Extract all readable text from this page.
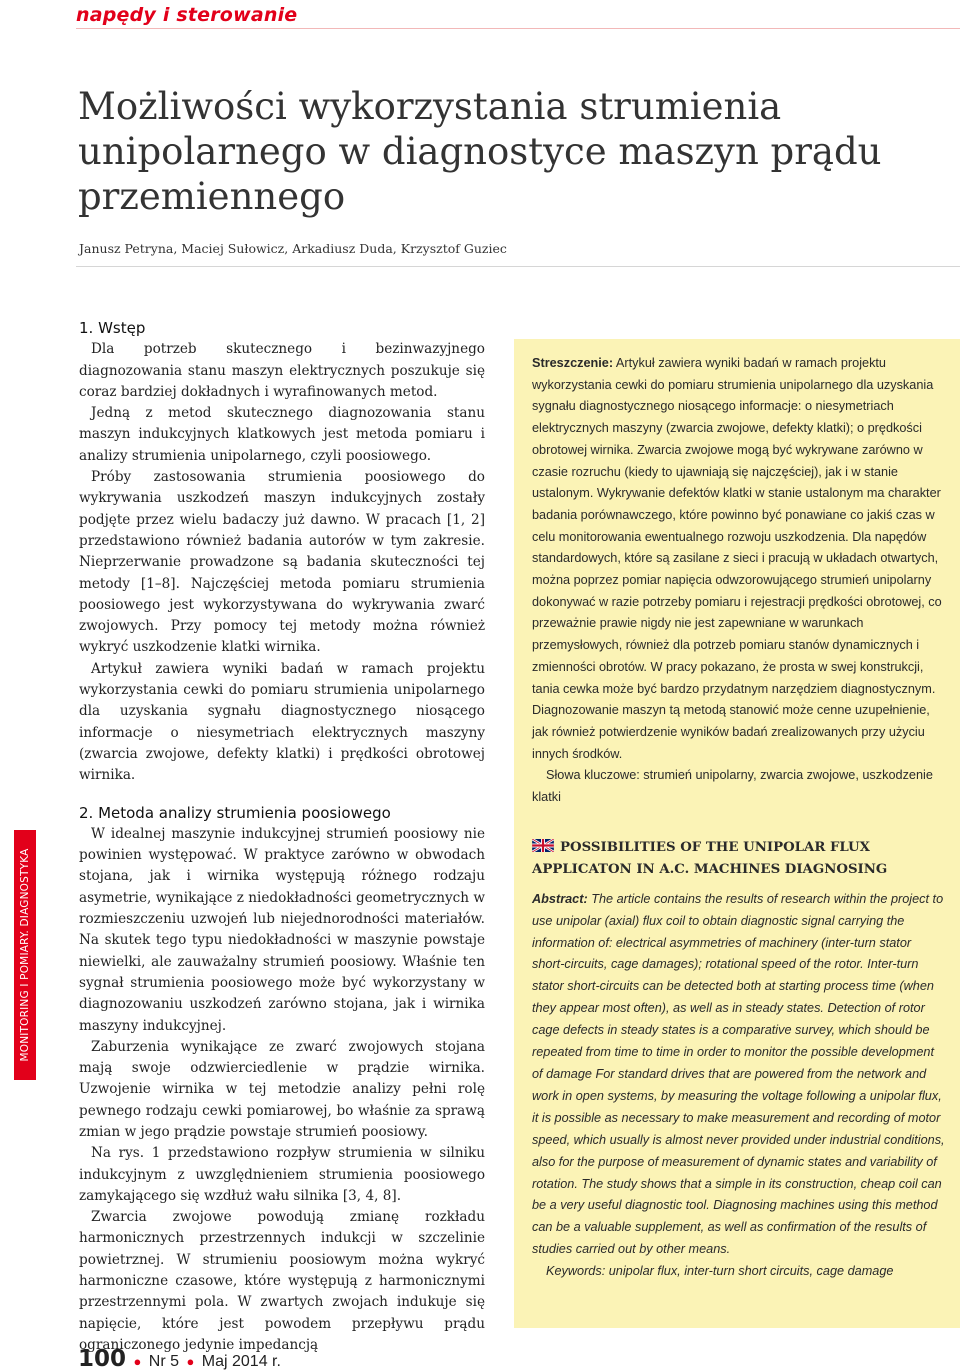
napędy i sterowanie
Możliwości wykorzystania strumienia unipolarnego w diagnostyce maszyn prądu przemiennego

Janusz Petryna, Maciej Sułowicz, Arkadiusz Duda, Krzysztof Guziec

MONITORING I POMIARY. DIAGNOSTYKA
1. Wstęp

Dla potrzeb skutecznego i bezinwazyjnego diagnozowania stanu maszyn elektrycznych poszukuje się coraz bardziej dokładnych i wyrafinowanych metod.

Jedną z metod skutecznego diagnozowania stanu maszyn indukcyjnych klatkowych jest metoda pomiaru i analizy strumienia unipolarnego, czyli poosiowego.

Próby zastosowania strumienia poosiowego do wykrywania uszkodzeń maszyn indukcyjnych zostały podjęte przez wielu badaczy już dawno. W pracach [1, 2] przedstawiono również badania autorów w tym zakresie. Nieprzerwanie prowadzone są badania skuteczności tej metody [1–8]. Najczęściej metoda pomiaru strumienia poosiowego jest wykorzystywana do wykrywania zwarć zwojowych. Przy pomocy tej metody można również wykryć uszkodzenie klatki wirnika.

Artykuł zawiera wyniki badań w ramach projektu wykorzystania cewki do pomiaru strumienia unipolarnego dla uzyskania sygnału diagnostycznego niosącego informacje o niesymetriach elektrycznych maszyny (zwarcia zwojowe, defekty klatki) i prędkości obrotowej wirnika.

2. Metoda analizy strumienia poosiowego

W idealnej maszynie indukcyjnej strumień poosiowy nie powinien występować. W praktyce zarówno w obwodach stojana, jak i wirnika występują różnego rodzaju asymetrie, wynikające z niedokładności geometrycznych w rozmieszczeniu uzwojeń lub niejednorodności materiałów. Na skutek tego typu niedokładności w maszynie powstaje niewielki, ale zauważalny strumień poosiowy. Właśnie ten sygnał strumienia poosiowego może być wykorzystany w diagnozowaniu uszkodzeń zarówno stojana, jak i wirnika maszyny indukcyjnej.

Zaburzenia wynikające ze zwarć zwojowych stojana mają swoje odzwierciedlenie w prądzie wirnika. Uzwojenie wirnika w tej metodzie analizy pełni rolę pewnego rodzaju cewki pomiarowej, bo właśnie za sprawą zmian w jego prądzie powstaje strumień poosiowy.

Na rys. 1 przedstawiono rozpływ strumienia w silniku indukcyjnym z uwzględnieniem strumienia poosiowego zamykającego się wzdłuż wału silnika [3, 4, 8].

Zwarcia zwojowe powodują zmianę rozkładu harmonicznych przestrzennych indukcji w szczelinie powietrznej. W strumieniu poosiowym można wykryć harmoniczne czasowe, które występują z harmonicznymi przestrzennymi pola. W zwartych zwojach indukuje się napięcie, które jest powodem przepływu prądu ograniczonego jedynie impedancją

Streszczenie: Artykuł zawiera wyniki badań w ramach projektu wykorzystania cewki do pomiaru strumienia unipolarnego dla uzyskania sygnału diagnostycznego niosącego informacje: o niesymetriach elektrycznych maszyny (zwarcia zwojowe, defekty klatki); o prędkości obrotowej wirnika. Zwarcia zwojowe mogą być wykrywane zarówno w czasie rozruchu (kiedy to ujawniają się najczęściej), jak i w stanie ustalonym. Wykrywanie defektów klatki w stanie ustalonym ma charakter badania porównawczego, które powinno być ponawiane co jakiś czas w celu monitorowania ewentualnego rozwoju uszkodzenia. Dla napędów standardowych, które są zasilane z sieci i pracują w układach otwartych, można poprzez pomiar napięcia odwzorowującego strumień unipolarny dokonywać w razie potrzeby pomiaru i rejestracji prędkości obrotowej, co przeważnie prawie nigdy nie jest zapewniane w warunkach przemysłowych, również dla potrzeb pomiaru stanów dynamicznych i zmienności obrotów. W pracy pokazano, że prosta w swej konstrukcji, tania cewka może być bardzo przydatnym narzędziem diagnostycznym. Diagnozowanie maszyn tą metodą stanowić może cenne uzupełnienie, jak również potwierdzenie wyników badań zrealizowanych przy użyciu innych środków.

Słowa kluczowe: strumień unipolarny, zwarcia zwojowe, uszkodzenie klatki

POSSIBILITIES OF THE UNIPOLAR FLUX APPLICATON IN A.C. MACHINES DIAGNOSING

Abstract: The article contains the results of research within the project to use unipolar (axial) flux coil to obtain diagnostic signal carrying the information of: electrical asymmetries of machinery (inter-turn stator short-circuits, cage damages); rotational speed of the rotor. Inter-turn stator short-circuits can be detected both at starting process time (when they appear most often), as well as in steady states. Detection of rotor cage defects in steady states is a comparative survey, which should be repeated from time to time in order to monitor the possible development of damage For standard drives that are powered from the network and work in open systems, by measuring the voltage following a unipolar flux, it is possible as necessary to make measurement and recording of motor speed, which usually is almost never provided under industrial conditions, also for the purpose of measurement of dynamic states and variability of rotation. The study shows that a simple in its construction, cheap coil can be a very useful diagnostic tool. Diagnosing machines using this method can be a valuable supplement, as well as confirmation of the results of studies carried out by other means.

Keywords: unipolar flux, inter-turn short circuits, cage damage

100 ● Nr 5 ● Maj 2014 r.
